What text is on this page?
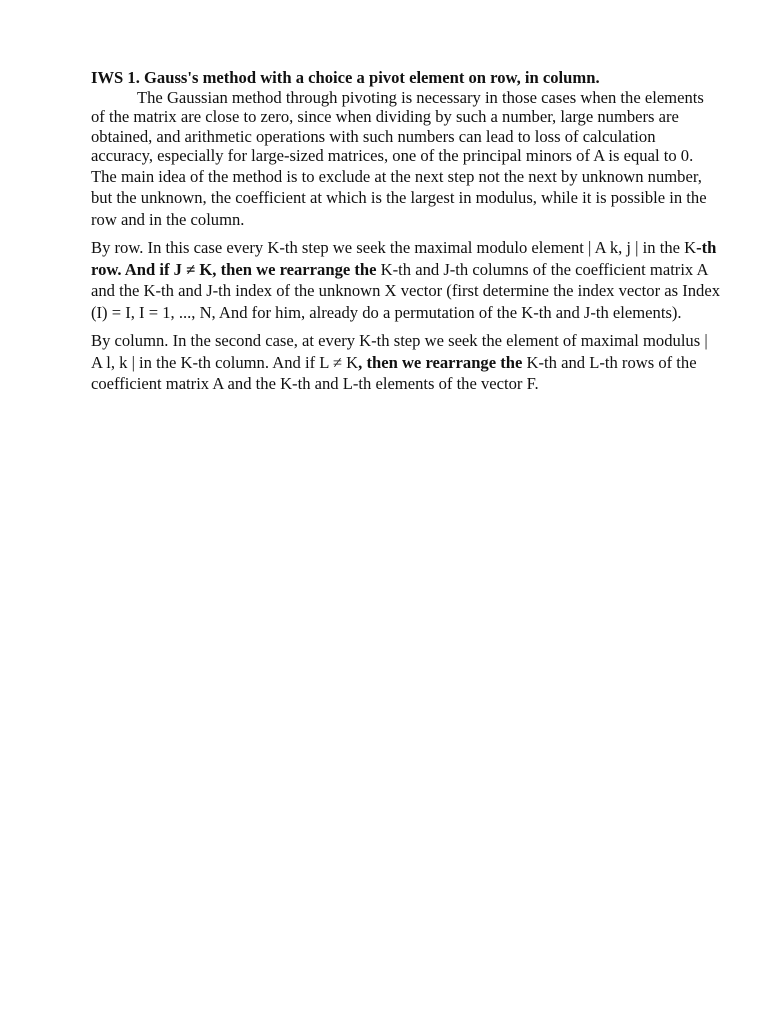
IWS 1. Gauss's method with a choice a pivot element on row, in column.

The Gaussian method through pivoting is necessary in those cases when the elements of the matrix are close to zero, since when dividing by such a number, large numbers are obtained, and arithmetic operations with such numbers can lead to loss of calculation accuracy, especially for large-sized matrices, one of the principal minors of A is equal to 0.

The main idea of the method is to exclude at the next step not the next by unknown number, but the unknown, the coefficient at which is the largest in modulus, while it is possible in the row and in the column.

By row. In this case every K-th step we seek the maximal modulo element | A k, j | in the K-th row. And if J ≠ K, then we rearrange the K-th and J-th columns of the coefficient matrix A and the K-th and J-th index of the unknown X vector (first determine the index vector as Index (I) = I, I = 1, ..., N, And for him, already do a permutation of the K-th and J-th elements).

By column. In the second case, at every K-th step we seek the element of maximal modulus | A l, k | in the K-th column. And if L ≠ K, then we rearrange the K-th and L-th rows of the coefficient matrix A and the K-th and L-th elements of the vector F.
